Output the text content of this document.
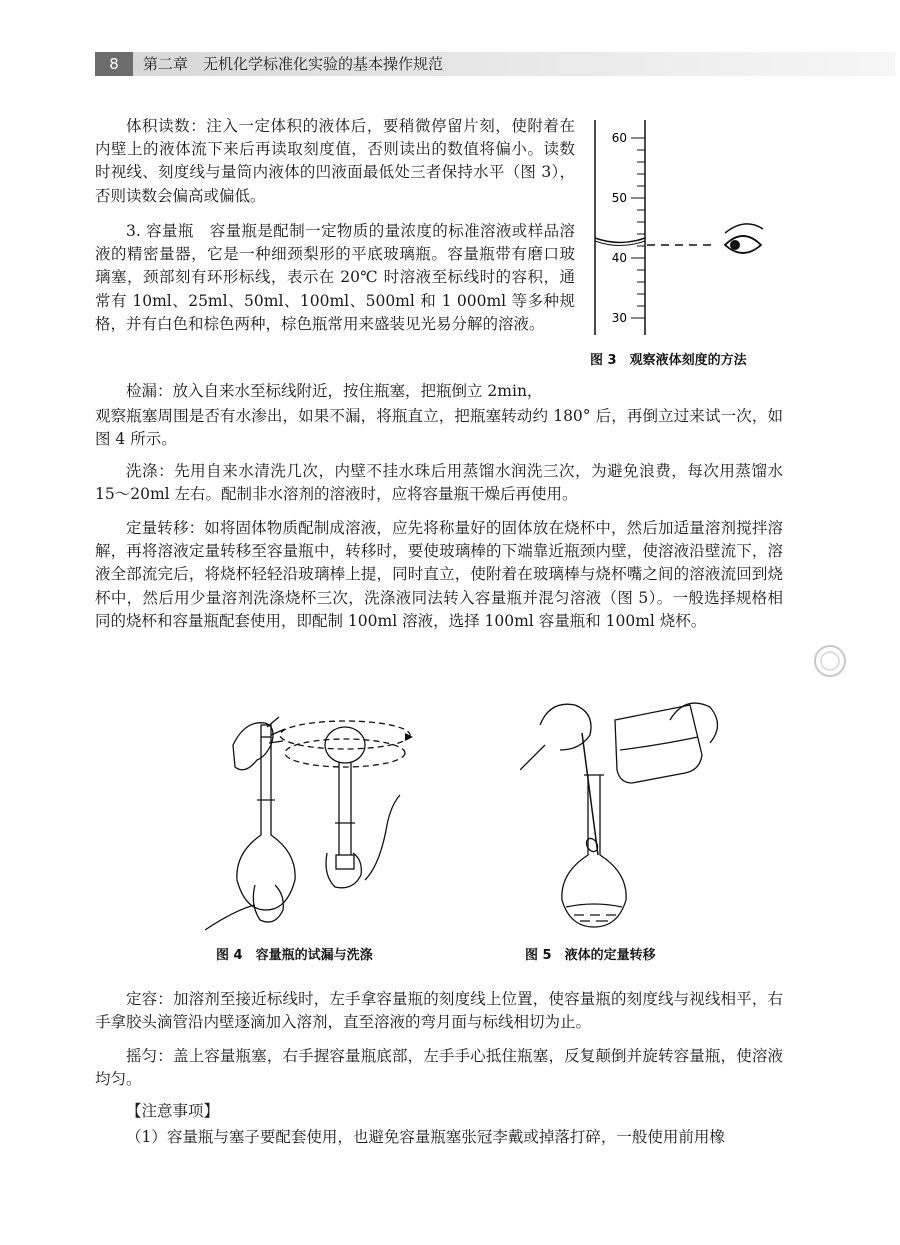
8	第二章　无机化学标准化实验的基本操作规范

体积读数：注入一定体积的液体后，要稍微停留片刻，使附着在内壁上的液体流下来后再读取刻度值，否则读出的数值将偏小。读数时视线、刻度线与量筒内液体的凹液面最低处三者保持水平（图 3），否则读数会偏高或偏低。

3. 容量瓶　容量瓶是配制一定物质的量浓度的标准溶液或样品溶液的精密量器，它是一种细颈梨形的平底玻璃瓶。容量瓶带有磨口玻璃塞，颈部刻有环形标线，表示在 20℃ 时溶液至标线时的容积，通常有 10ml、25ml、50ml、100ml、500ml 和 1 000ml 等多种规格，并有白色和棕色两种，棕色瓶常用来盛装见光易分解的溶液。

检漏：放入自来水至标线附近，按住瓶塞，把瓶倒立 2min，

观察瓶塞周围是否有水渗出，如果不漏，将瓶直立，把瓶塞转动约 180° 后，再倒立过来试一次，如图 4 所示。

洗涤：先用自来水清洗几次，内壁不挂水珠后用蒸馏水润洗三次，为避免浪费，每次用蒸馏水 15～20ml 左右。配制非水溶剂的溶液时，应将容量瓶干燥后再使用。

定量转移：如将固体物质配制成溶液，应先将称量好的固体放在烧杯中，然后加适量溶剂搅拌溶解，再将溶液定量转移至容量瓶中，转移时，要使玻璃棒的下端靠近瓶颈内壁，使溶液沿壁流下，溶液全部流完后，将烧杯轻轻沿玻璃棒上提，同时直立，使附着在玻璃棒与烧杯嘴之间的溶液流回到烧杯中，然后用少量溶剂洗涤烧杯三次，洗涤液同法转入容量瓶并混匀溶液（图 5）。一般选择规格相同的烧杯和容量瓶配套使用，即配制 100ml 溶液，选择 100ml 容量瓶和 100ml 烧杯。

60
50
40
30
图 3　观察液体刻度的方法
图 4　容量瓶的试漏与洗涤	图 5　液体的定量转移

定容：加溶剂至接近标线时，左手拿容量瓶的刻度线上位置，使容量瓶的刻度线与视线相平，右手拿胶头滴管沿内壁逐滴加入溶剂，直至溶液的弯月面与标线相切为止。

摇匀：盖上容量瓶塞，右手握容量瓶底部，左手手心抵住瓶塞，反复颠倒并旋转容量瓶，使溶液均匀。

【注意事项】

（1）容量瓶与塞子要配套使用，也避免容量瓶塞张冠李戴或掉落打碎，一般使用前用橡
